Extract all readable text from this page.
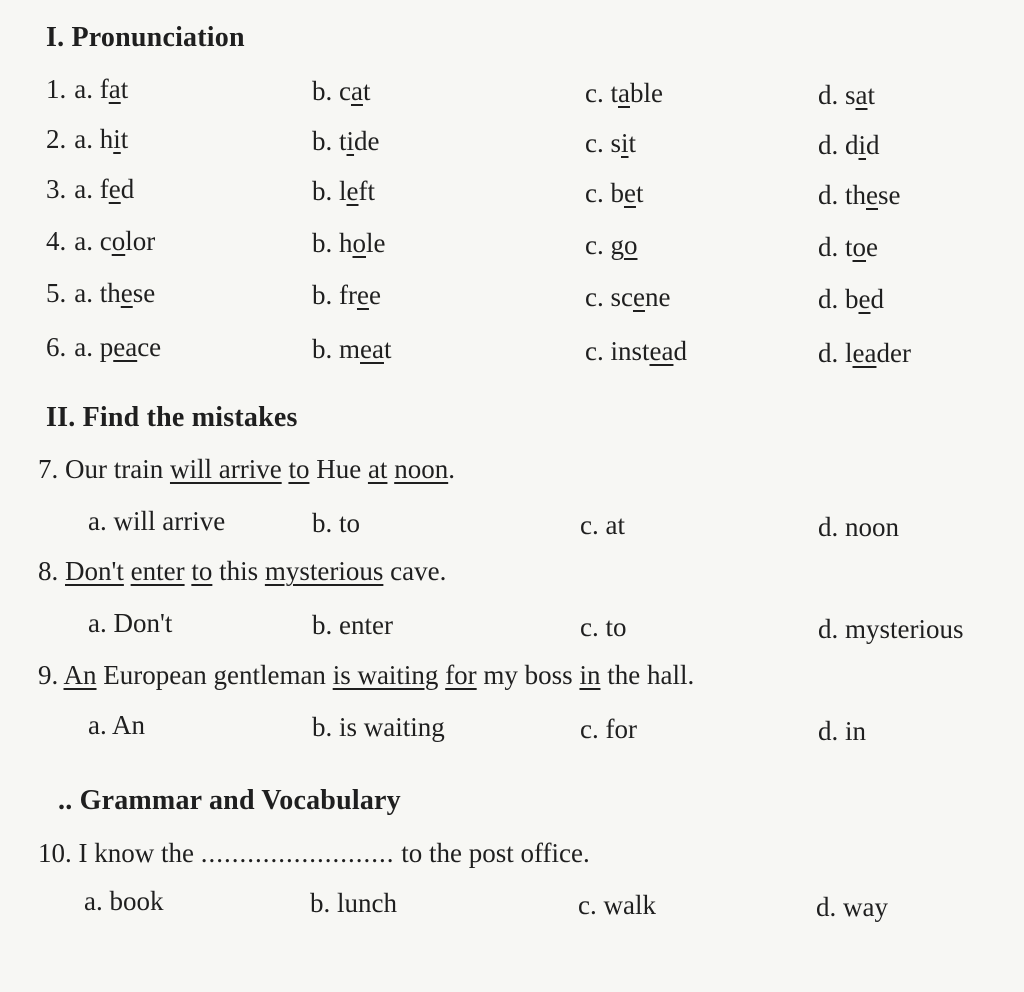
I. Pronunciation
1. a. fat	b. cat	c. table	d. sat
2. a. hit	b. tide	c. sit	d. did
3. a. fed	b. left	c. bet	d. these
4. a. color	b. hole	c. go	d. toe
5. a. these	b. free	c. scene	d. bed
6. a. peace	b. meat	c. instead	d. leader
II. Find the mistakes
7. Our train will arrive to Hue at noon.
a. will arrive	b. to	c. at	d. noon
8. Don't enter to this mysterious cave.
a. Don't	b. enter	c. to	d. mysterious
9. An European gentleman is waiting for my boss in the hall.
a. An	b. is waiting	c. for	d. in
.. Grammar and Vocabulary
10. I know the ......................... to the post office.
a. book	b. lunch	c. walk	d. way
